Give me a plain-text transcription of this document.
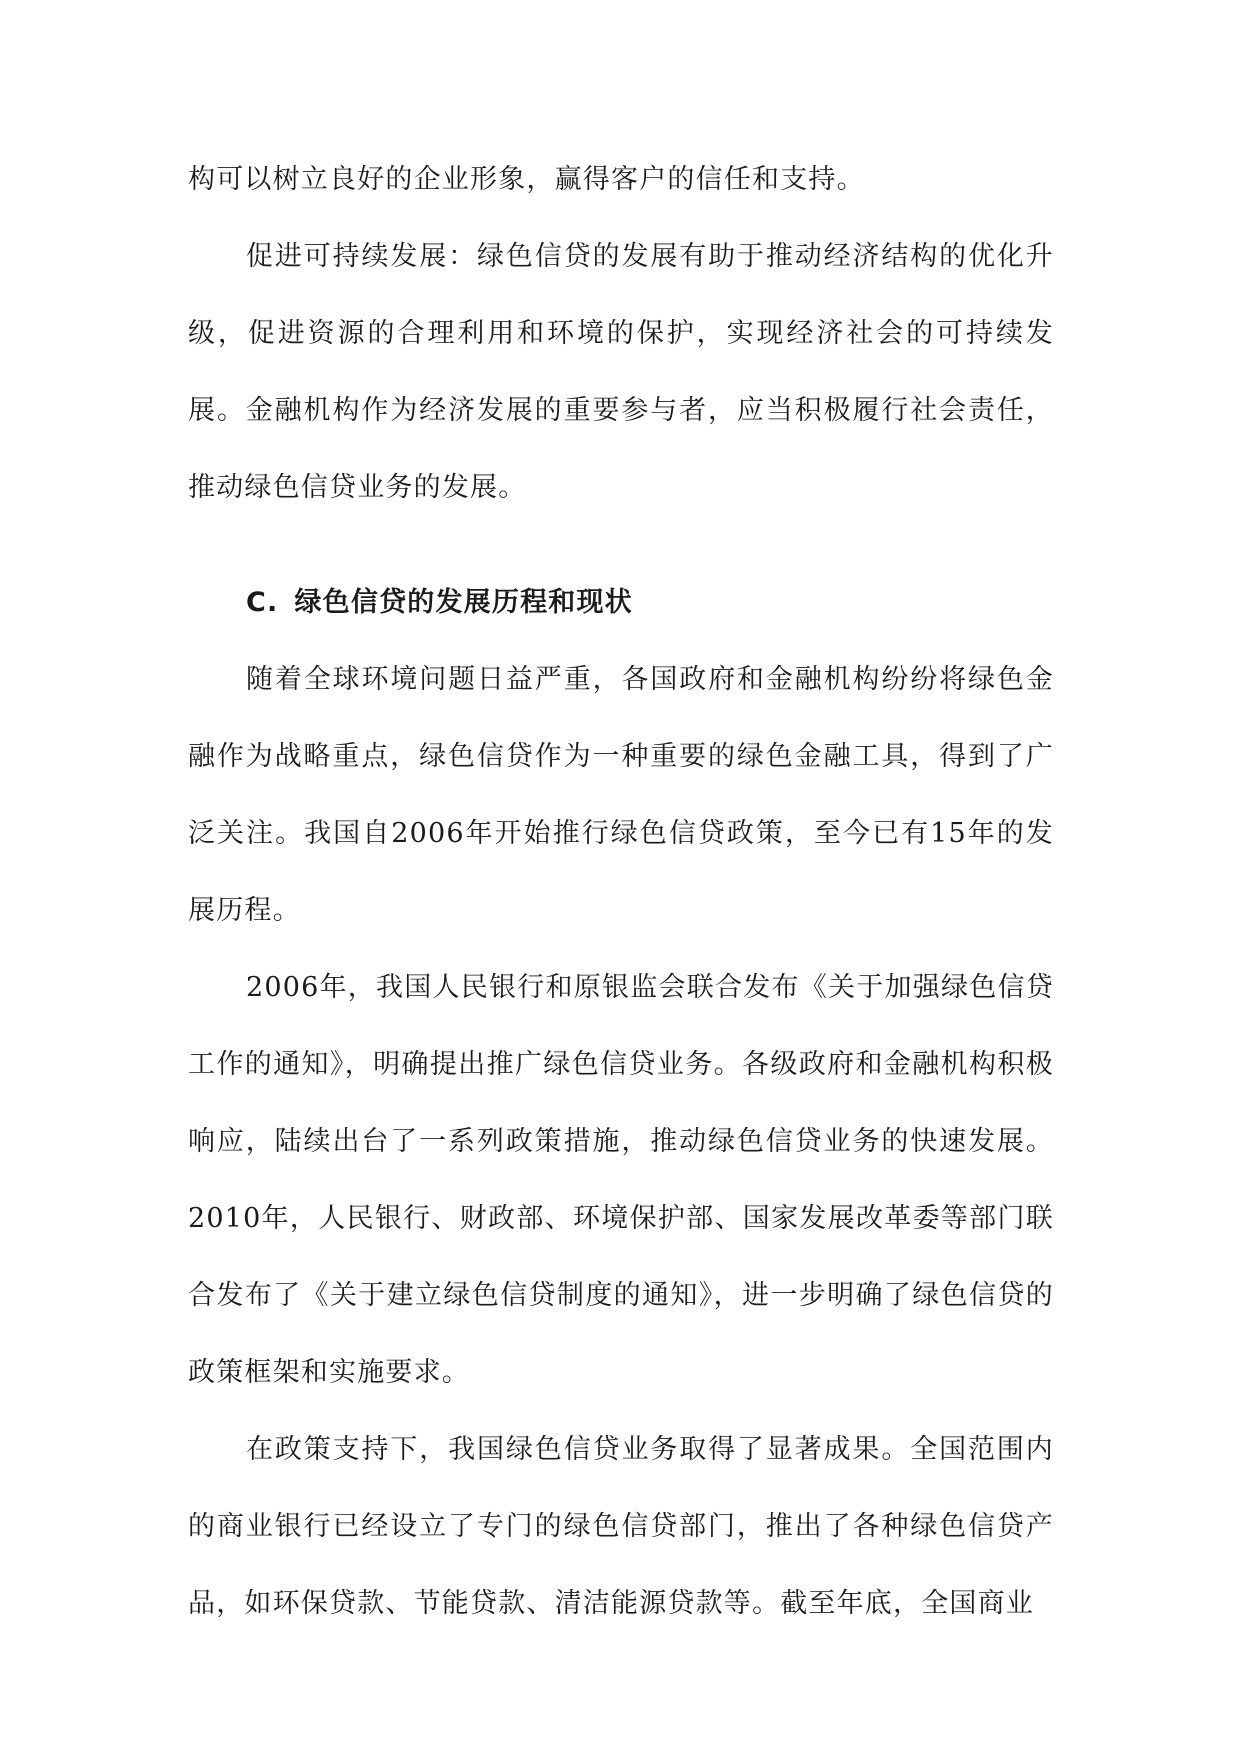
构可以树立良好的企业形象，赢得客户的信任和支持。

促进可持续发展：绿色信贷的发展有助于推动经济结构的优化升级，促进资源的合理利用和环境的保护，实现经济社会的可持续发展。金融机构作为经济发展的重要参与者，应当积极履行社会责任，推动绿色信贷业务的发展。

C. 绿色信贷的发展历程和现状

随着全球环境问题日益严重，各国政府和金融机构纷纷将绿色金融作为战略重点，绿色信贷作为一种重要的绿色金融工具，得到了广泛关注。我国自2006年开始推行绿色信贷政策，至今已有15年的发展历程。

2006年，我国人民银行和原银监会联合发布《关于加强绿色信贷工作的通知》，明确提出推广绿色信贷业务。各级政府和金融机构积极响应，陆续出台了一系列政策措施，推动绿色信贷业务的快速发展。2010年，人民银行、财政部、环境保护部、国家发展改革委等部门联合发布了《关于建立绿色信贷制度的通知》，进一步明确了绿色信贷的政策框架和实施要求。

在政策支持下，我国绿色信贷业务取得了显著成果。全国范围内的商业银行已经设立了专门的绿色信贷部门，推出了各种绿色信贷产品，如环保贷款、节能贷款、清洁能源贷款等。截至年底，全国商业
